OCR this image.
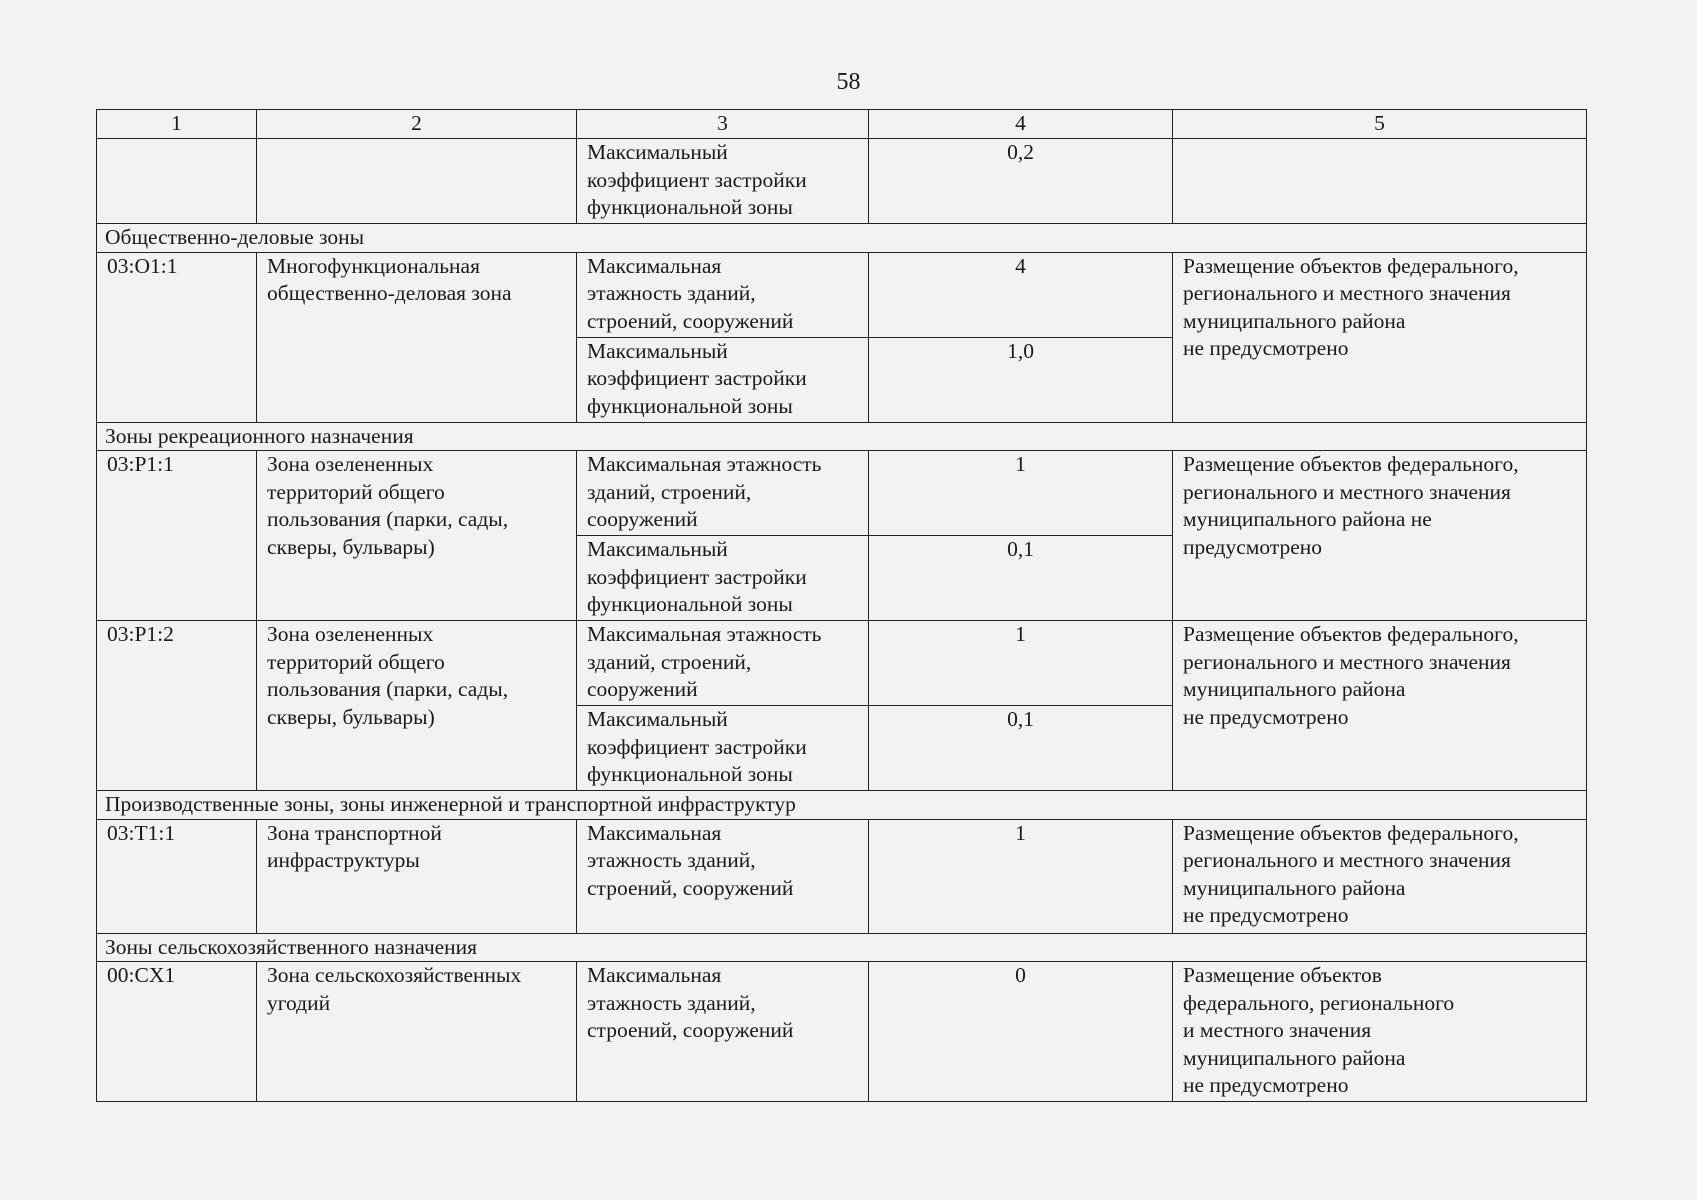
58
1	2	3	4	5
		Максимальный
коэффициент застройки
функциональной зоны	0,2	
Общественно-деловые зоны				
03:O1:1	Многофункциональная
общественно-деловая зона	Максимальная
этажность зданий,
строений, сооружений	4	Размещение объектов федерального,
регионального и местного значения
муниципального района
не предусмотрено
		Максимальный
коэффициент застройки
функциональной зоны	1,0	
Зоны рекреационного назначения				
03:P1:1	Зона озелененных
территорий общего
пользования (парки, сады,
скверы, бульвары)	Максимальная этажность
зданий, строений,
сооружений	1	Размещение объектов федерального,
регионального и местного значения
муниципального района не
предусмотрено
		Максимальный
коэффициент застройки
функциональной зоны	0,1	
03:P1:2	Зона озелененных
территорий общего
пользования (парки, сады,
скверы, бульвары)	Максимальная этажность
зданий, строений,
сооружений	1	Размещение объектов федерального,
регионального и местного значения
муниципального района
не предусмотрено
		Максимальный
коэффициент застройки
функциональной зоны	0,1	
Производственные зоны, зоны инженерной и транспортной инфраструктур				
03:T1:1	Зона транспортной
инфраструктуры	Максимальная
этажность зданий,
строений, сооружений	1	Размещение объектов федерального,
регионального и местного значения
муниципального района
не предусмотрено
Зоны сельскохозяйственного назначения				
00:CX1	Зона сельскохозяйственных
угодий	Максимальная
этажность зданий,
строений, сооружений	0	Размещение объектов
федерального, регионального
и местного значения
муниципального района
не предусмотрено
